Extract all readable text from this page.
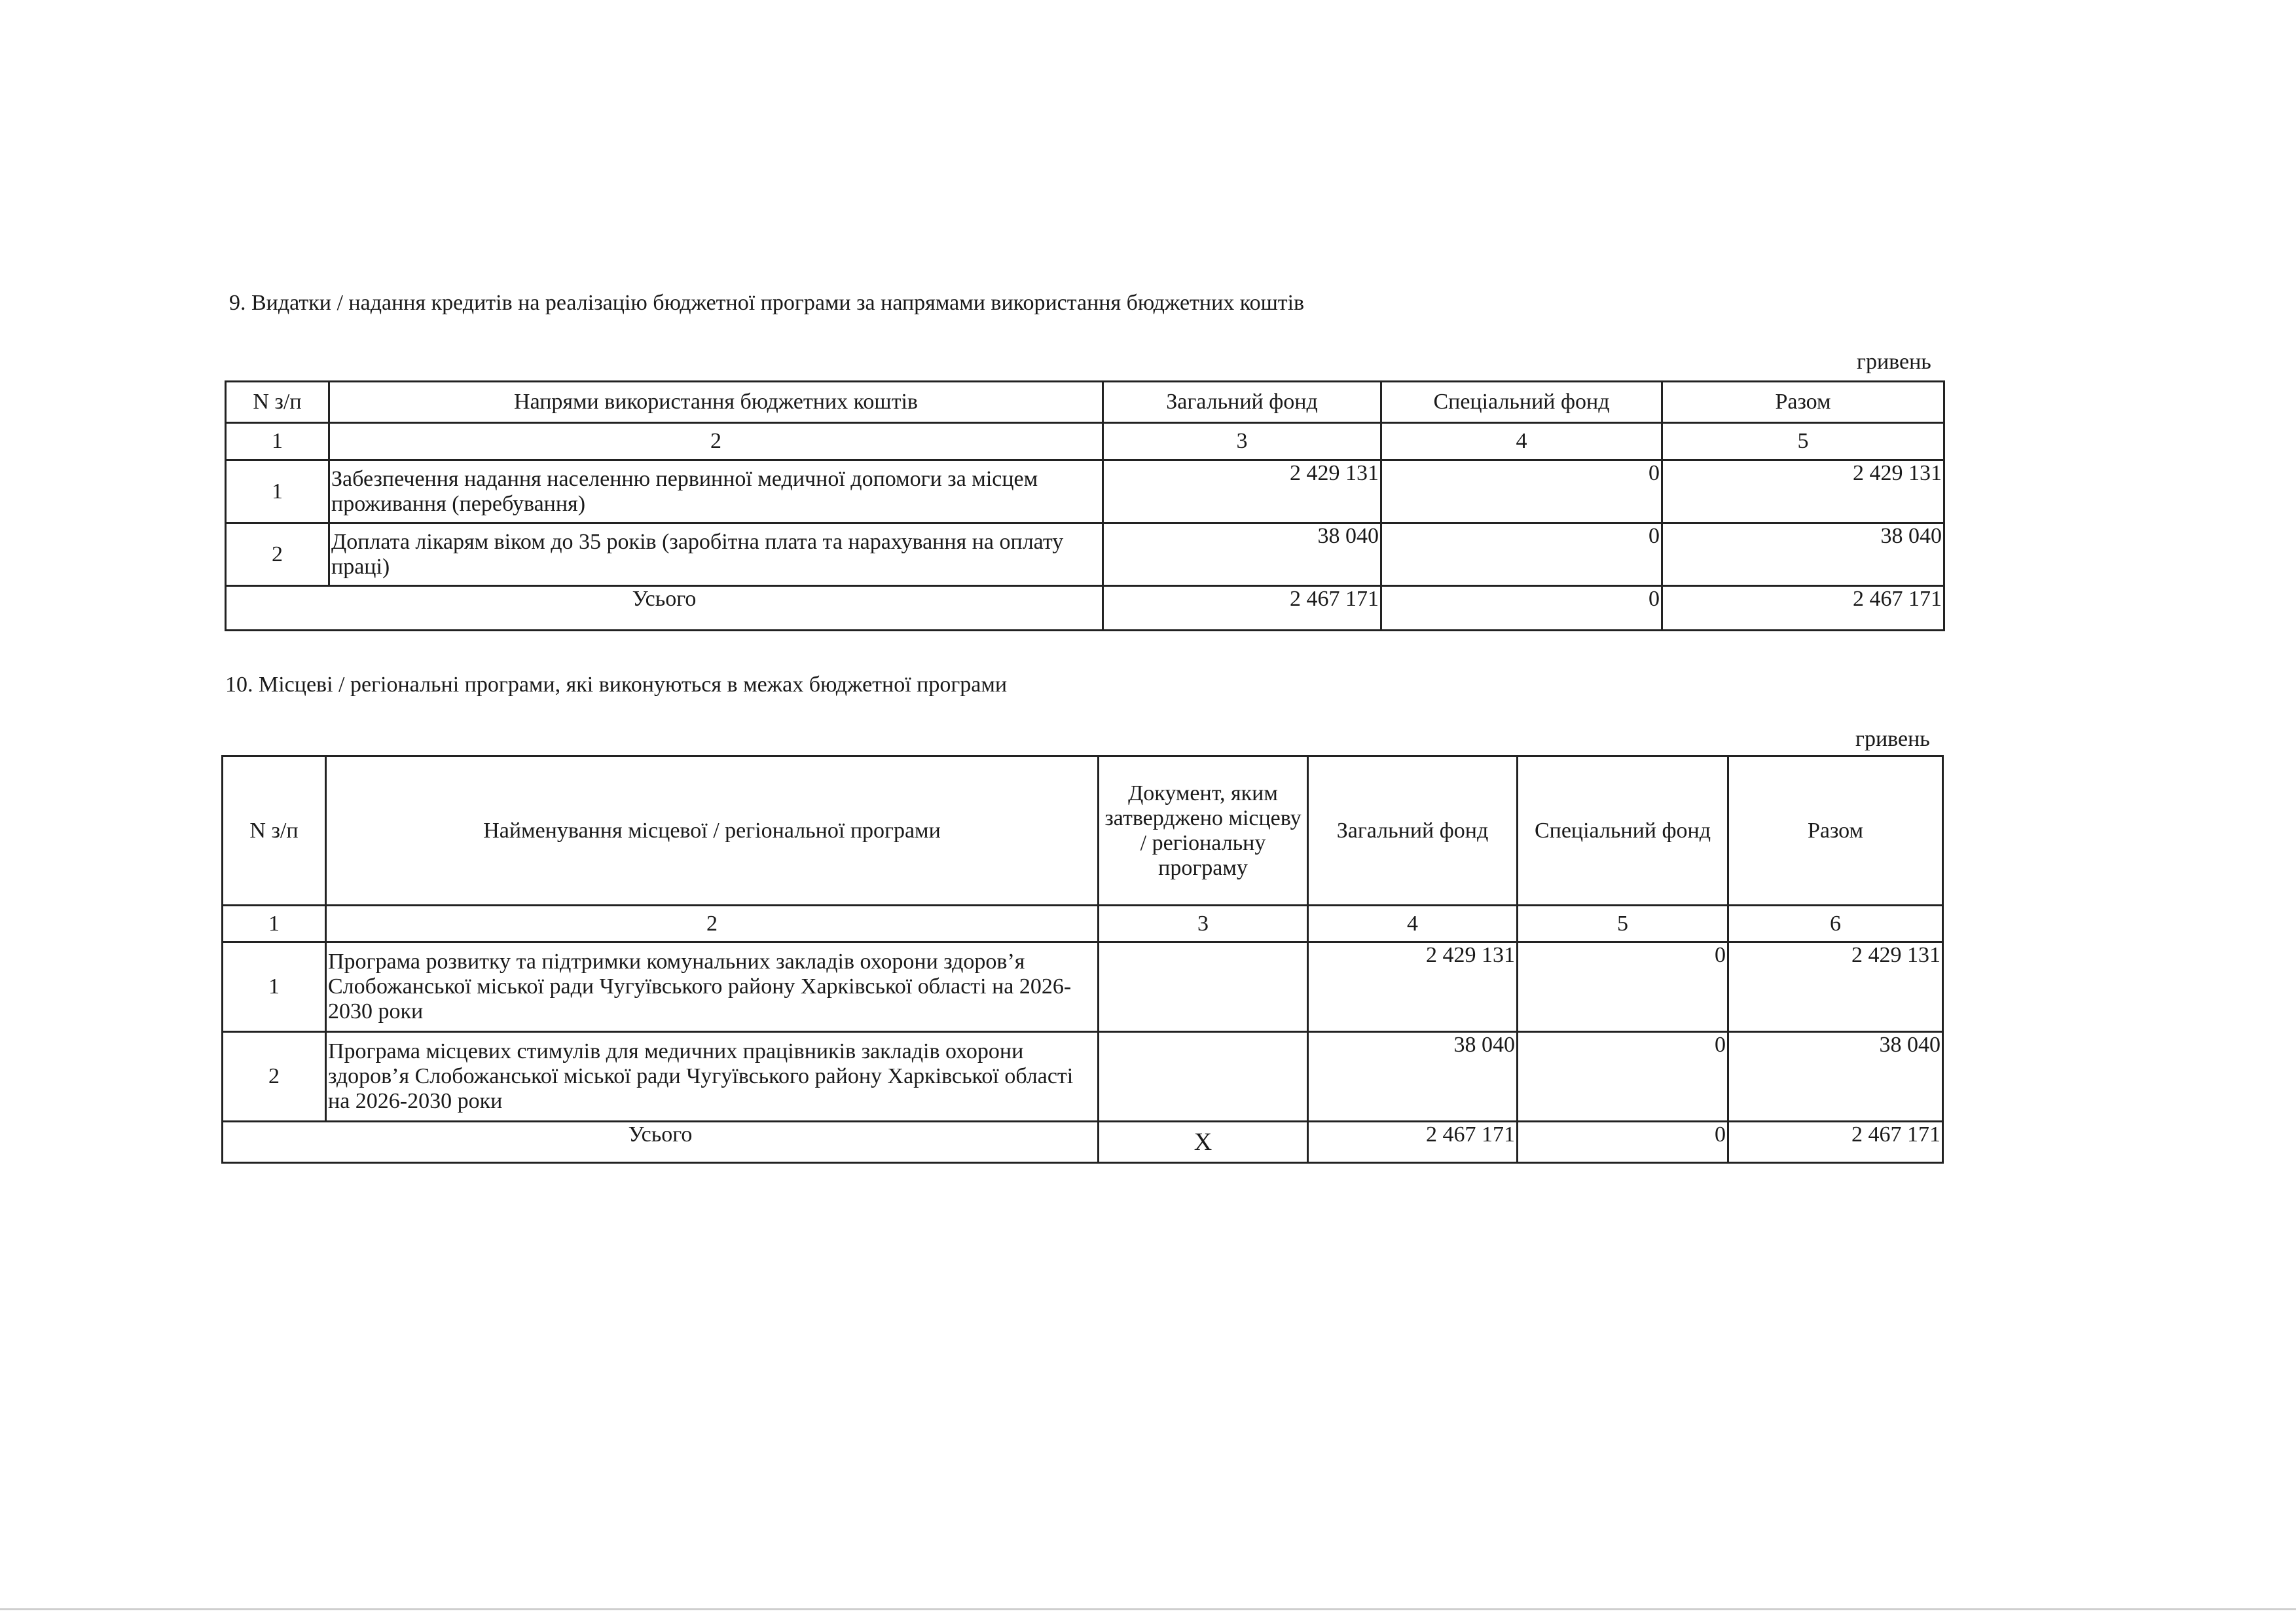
9. Видатки / надання кредитів на реалізацію бюджетної програми за напрямами використання бюджетних коштів
гривень
N з/п	Напрями використання бюджетних коштів	Загальний фонд	Спеціальний фонд	Разом
1	2	3	4	5
1	Забезпечення надання населенню первинної медичної допомоги за місцем проживання (перебування)	2 429 131	0	2 429 131
2	Доплата лікарям віком до 35 років (заробітна плата та нарахування на оплату праці)	38 040	0	38 040
Усього		2 467 171	0	2 467 171
10. Місцеві / регіональні програми, які виконуються в межах бюджетної програми
гривень
N з/п	Найменування місцевої / регіональної програми	Документ, яким затверджено місцеву / регіональну програму	Загальний фонд	Спеціальний фонд	Разом
1	2	3	4	5	6
1	Програма розвитку та підтримки комунальних закладів охорони здоров’я Слобожанської міської ради Чугуївського району Харківської області на 2026-2030 роки		2 429 131	0	2 429 131
2	Програма місцевих стимулів для медичних працівників закладів охорони здоров’я Слобожанської міської ради Чугуївського району Харківської області на 2026-2030 роки		38 040	0	38 040
Усього		Х	2 467 171	0	2 467 171
